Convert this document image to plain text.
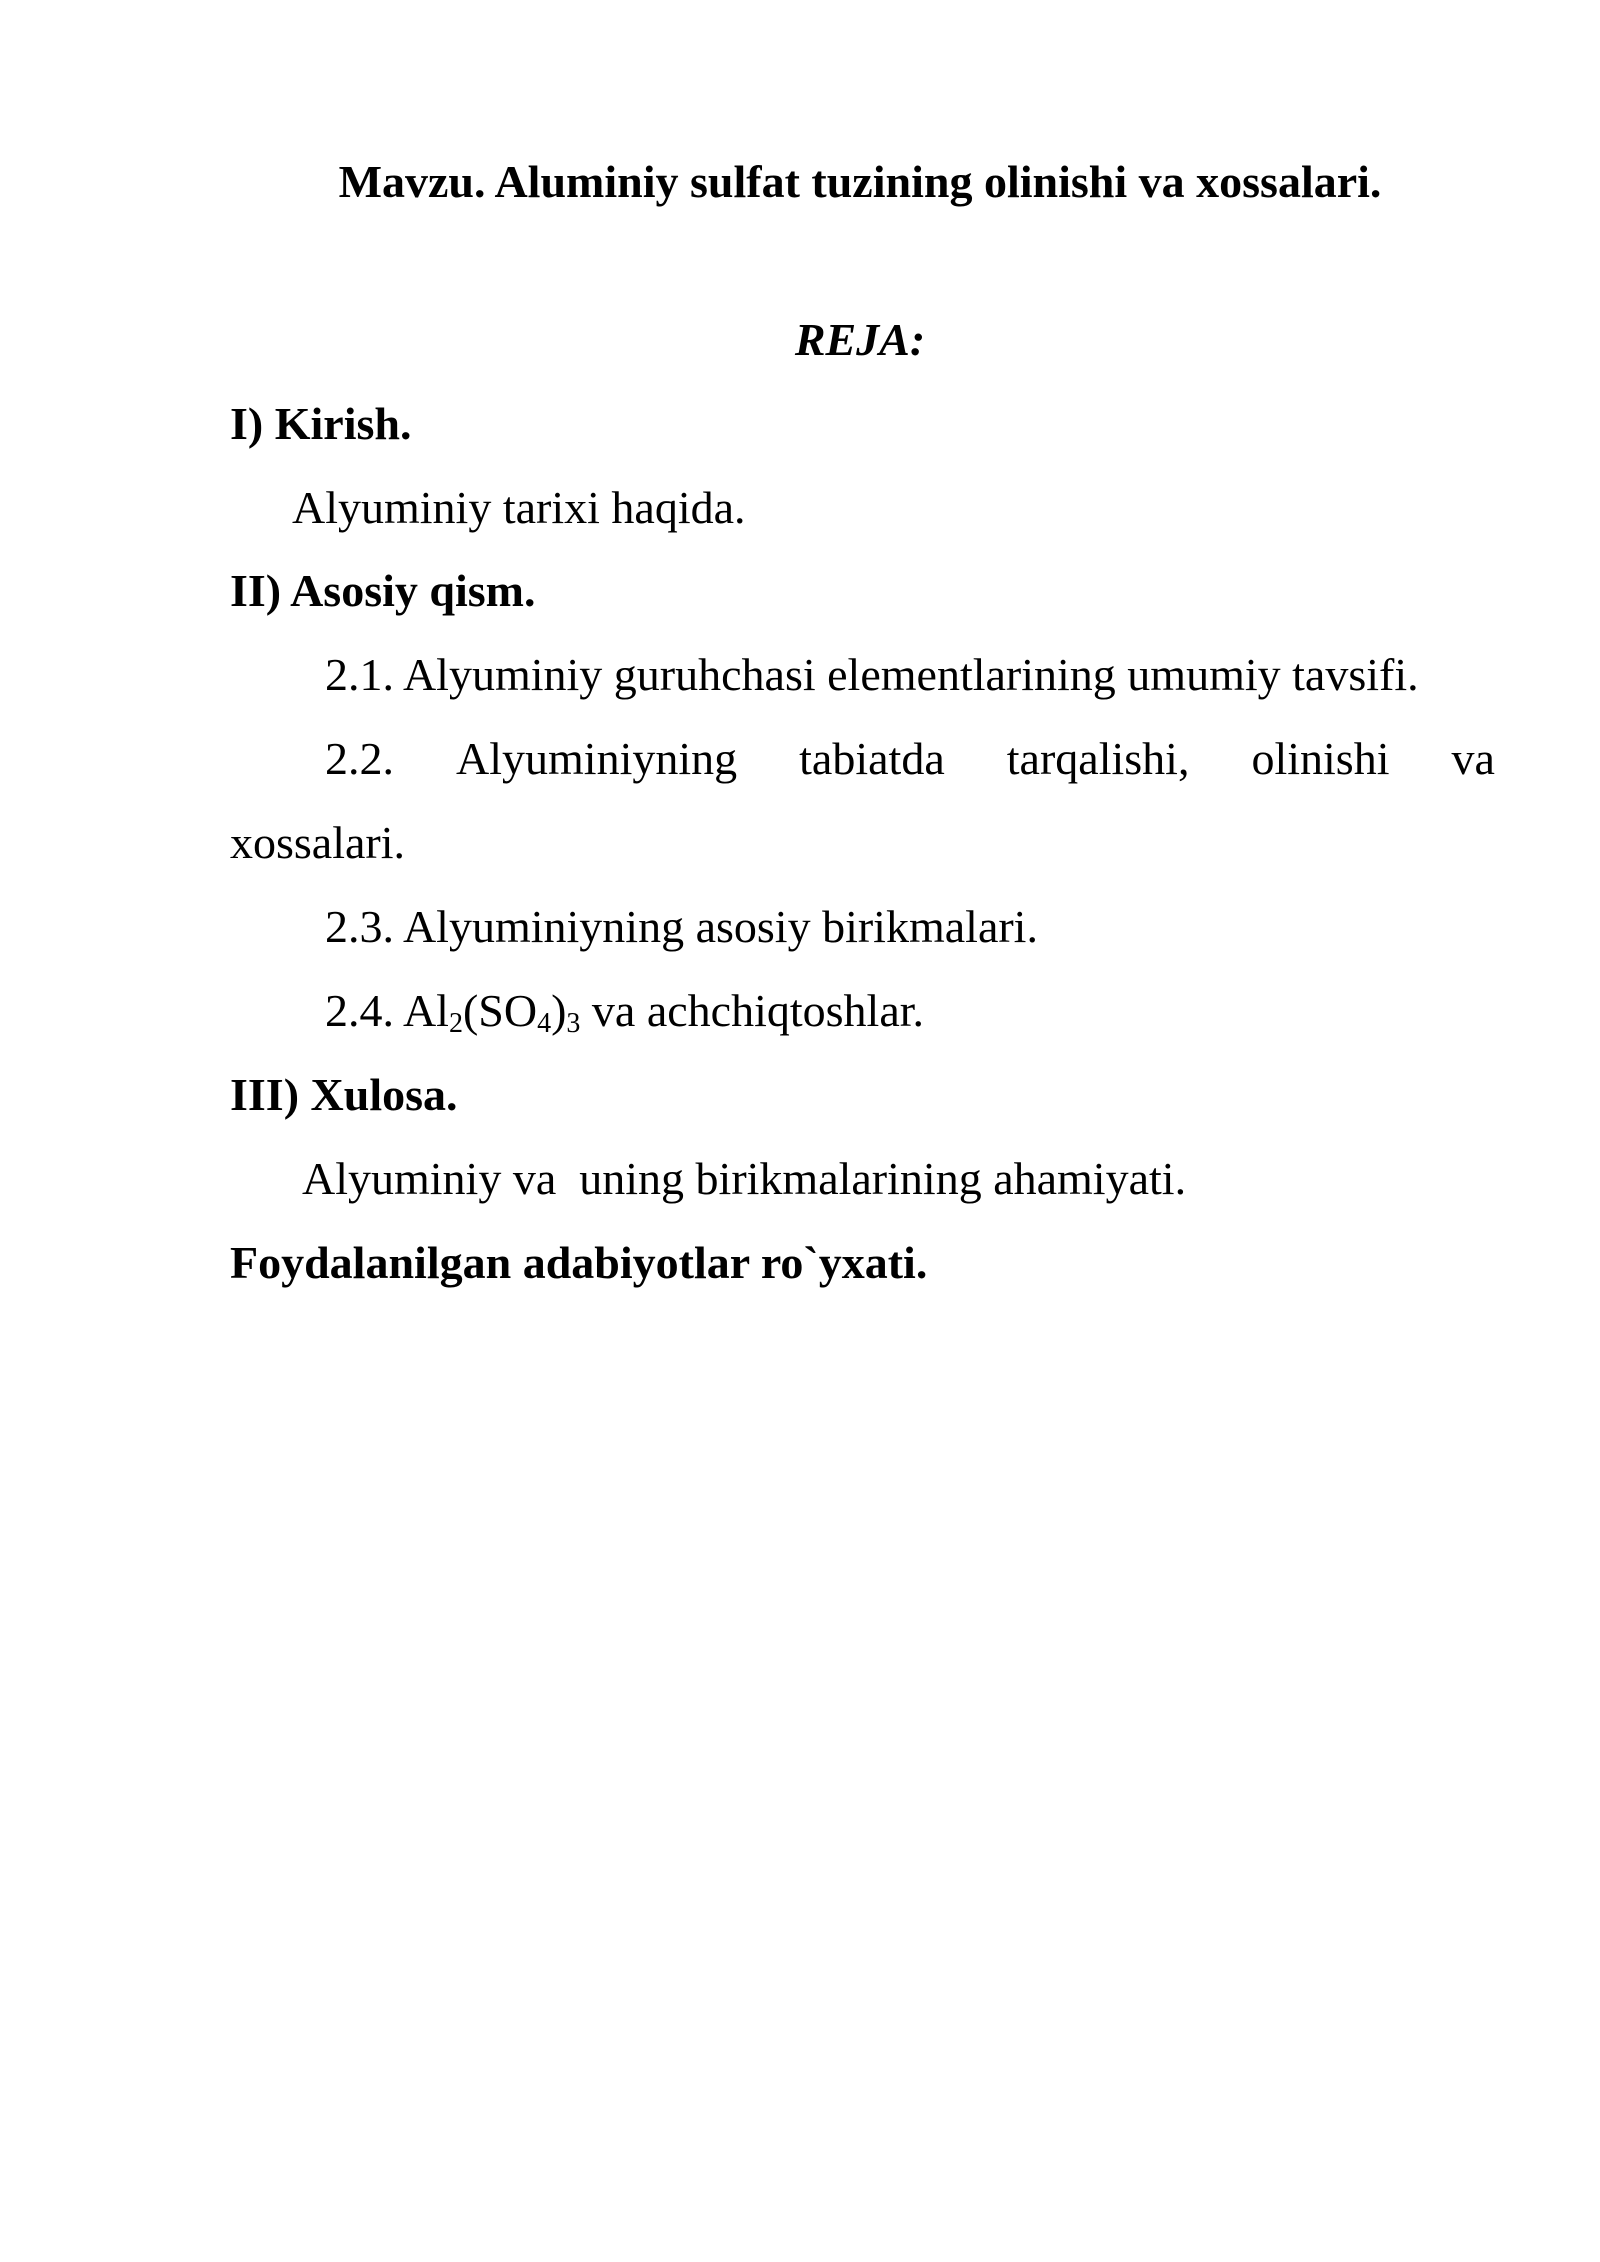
Mavzu. Aluminiy sulfat tuzining olinishi va xossalari.
REJA:
I) Kirish.
Alyuminiy tarixi haqida.
II) Asosiy qism.
2.1. Alyuminiy guruhchasi elementlarining umumiy tavsifi.
2.2. Alyuminiyning tabiatda tarqalishi, olinishi va
xossalari.
2.3. Alyuminiyning asosiy birikmalari.
2.4. $Al_2(SO_4)_3$ va achchiqtoshlar.
III) Xulosa.
Alyuminiy va  uning birikmalarining ahamiyati.
Foydalanilgan adabiyotlar ro`yxati.
